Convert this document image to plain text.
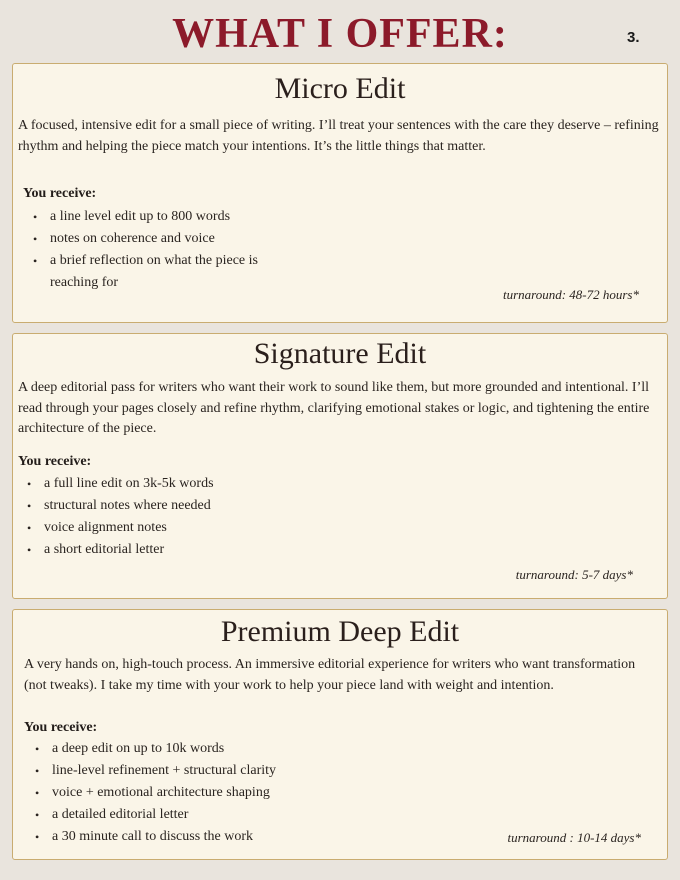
WHAT I OFFER:	3.
Micro Edit
A focused, intensive edit for a small piece of writing. I’ll treat your sentences with the care they deserve – refining rhythm and helping the piece match your intentions. It’s the little things that matter.
You receive:
• a line level edit up to 800 words
• notes on coherence and voice
• a brief reflection on what the piece is reaching for
turnaround: 48-72 hours*
Signature Edit
A deep editorial pass for writers who want their work to sound like them, but more grounded and intentional. I’ll read through your pages closely and refine rhythm, clarifying emotional stakes or logic, and tightening the entire architecture of the piece.
You receive:
• a full line edit on 3k-5k words
• structural notes where needed
• voice alignment notes
• a short editorial letter
turnaround: 5-7 days*
Premium Deep Edit
A very hands on, high-touch process. An immersive editorial experience for writers who want transformation (not tweaks). I take my time with your work to help your piece land with weight and intention.
You receive:
• a deep edit on up to 10k words
• line-level refinement + structural clarity
• voice + emotional architecture shaping
• a detailed editorial letter
• a 30 minute call to discuss the work	turnaround : 10-14 days*
